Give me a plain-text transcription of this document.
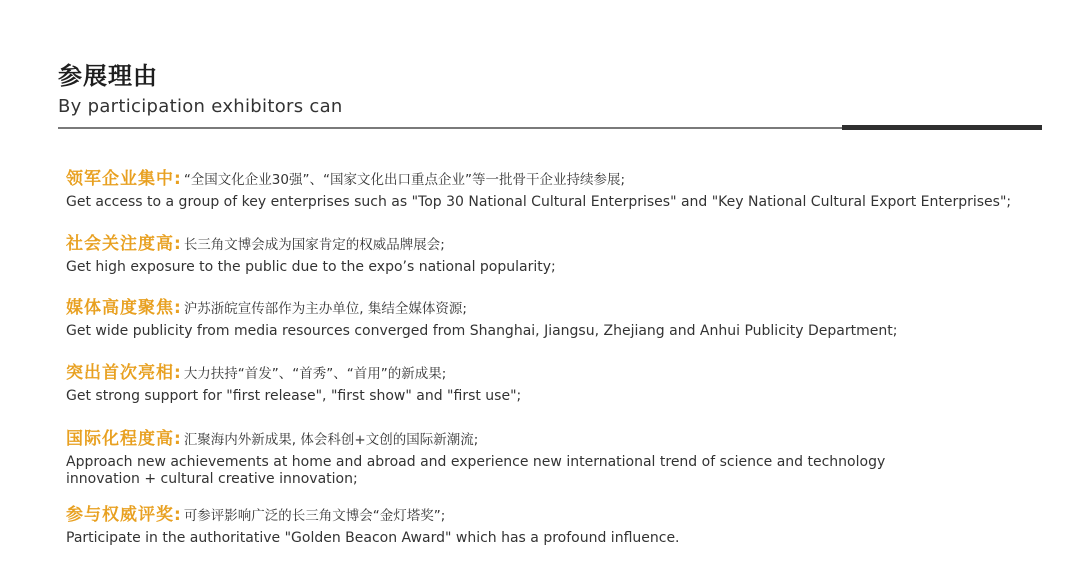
参展理由
By participation exhibitors can
领军企业集中: “全国文化企业30强”、“国家文化出口重点企业”等一批骨干企业持续参展;
Get access to a group of key enterprises such as "Top 30 National Cultural Enterprises" and "Key National Cultural Export Enterprises";
社会关注度高: 长三角文博会成为国家肯定的权威品牌展会;
Get high exposure to the public due to the expo’s national popularity;
媒体高度聚焦: 沪苏浙皖宣传部作为主办单位, 集结全媒体资源;
Get wide publicity from media resources converged from Shanghai, Jiangsu, Zhejiang and Anhui Publicity Department;
突出首次亮相: 大力扶持“首发”、“首秀”、“首用”的新成果;
Get strong support for "first release", "first show" and "first use";
国际化程度高: 汇聚海内外新成果, 体会科创+文创的国际新潮流;
Approach new achievements at home and abroad and experience new international trend of science and technology
innovation + cultural creative innovation;
参与权威评奖: 可参评影响广泛的长三角文博会“金灯塔奖”;
Participate in the authoritative "Golden Beacon Award" which has a profound influence.
